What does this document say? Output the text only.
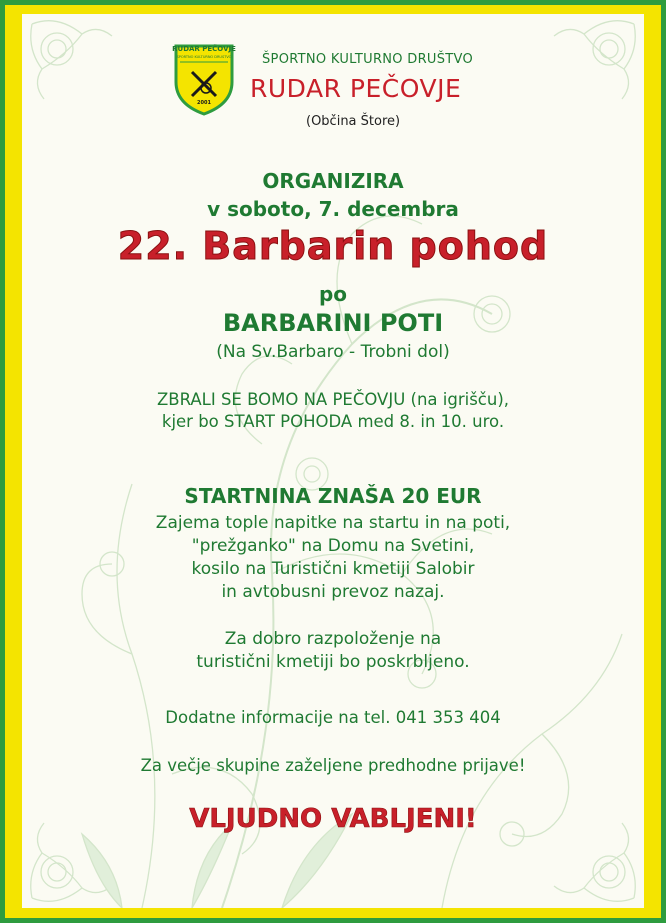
RUDAR PEČOVJE
ŠPORTNO KULTURNO DRUŠTVO
2001
ŠPORTNO KULTURNO DRUŠTVO
RUDAR PEČOVJE
(Občina Štore)
ORGANIZIRA
v soboto, 7. decembra
22. Barbarin pohod
po
BARBARINI POTI
(Na Sv.Barbaro - Trobni dol)
ZBRALI SE BOMO NA PEČOVJU (na igrišču),
kjer bo START POHODA med 8. in 10. uro.
STARTNINA ZNAŠA 20 EUR
Zajema tople napitke na startu in na poti,
"prežganko" na Domu na Svetini,
kosilo na Turistični kmetiji Salobir
in avtobusni prevoz nazaj.
Za dobro razpoloženje na
turistični kmetiji bo poskrbljeno.
Dodatne informacije na tel. 041 353 404
Za večje skupine zaželjene predhodne prijave!
VLJUDNO VABLJENI!
